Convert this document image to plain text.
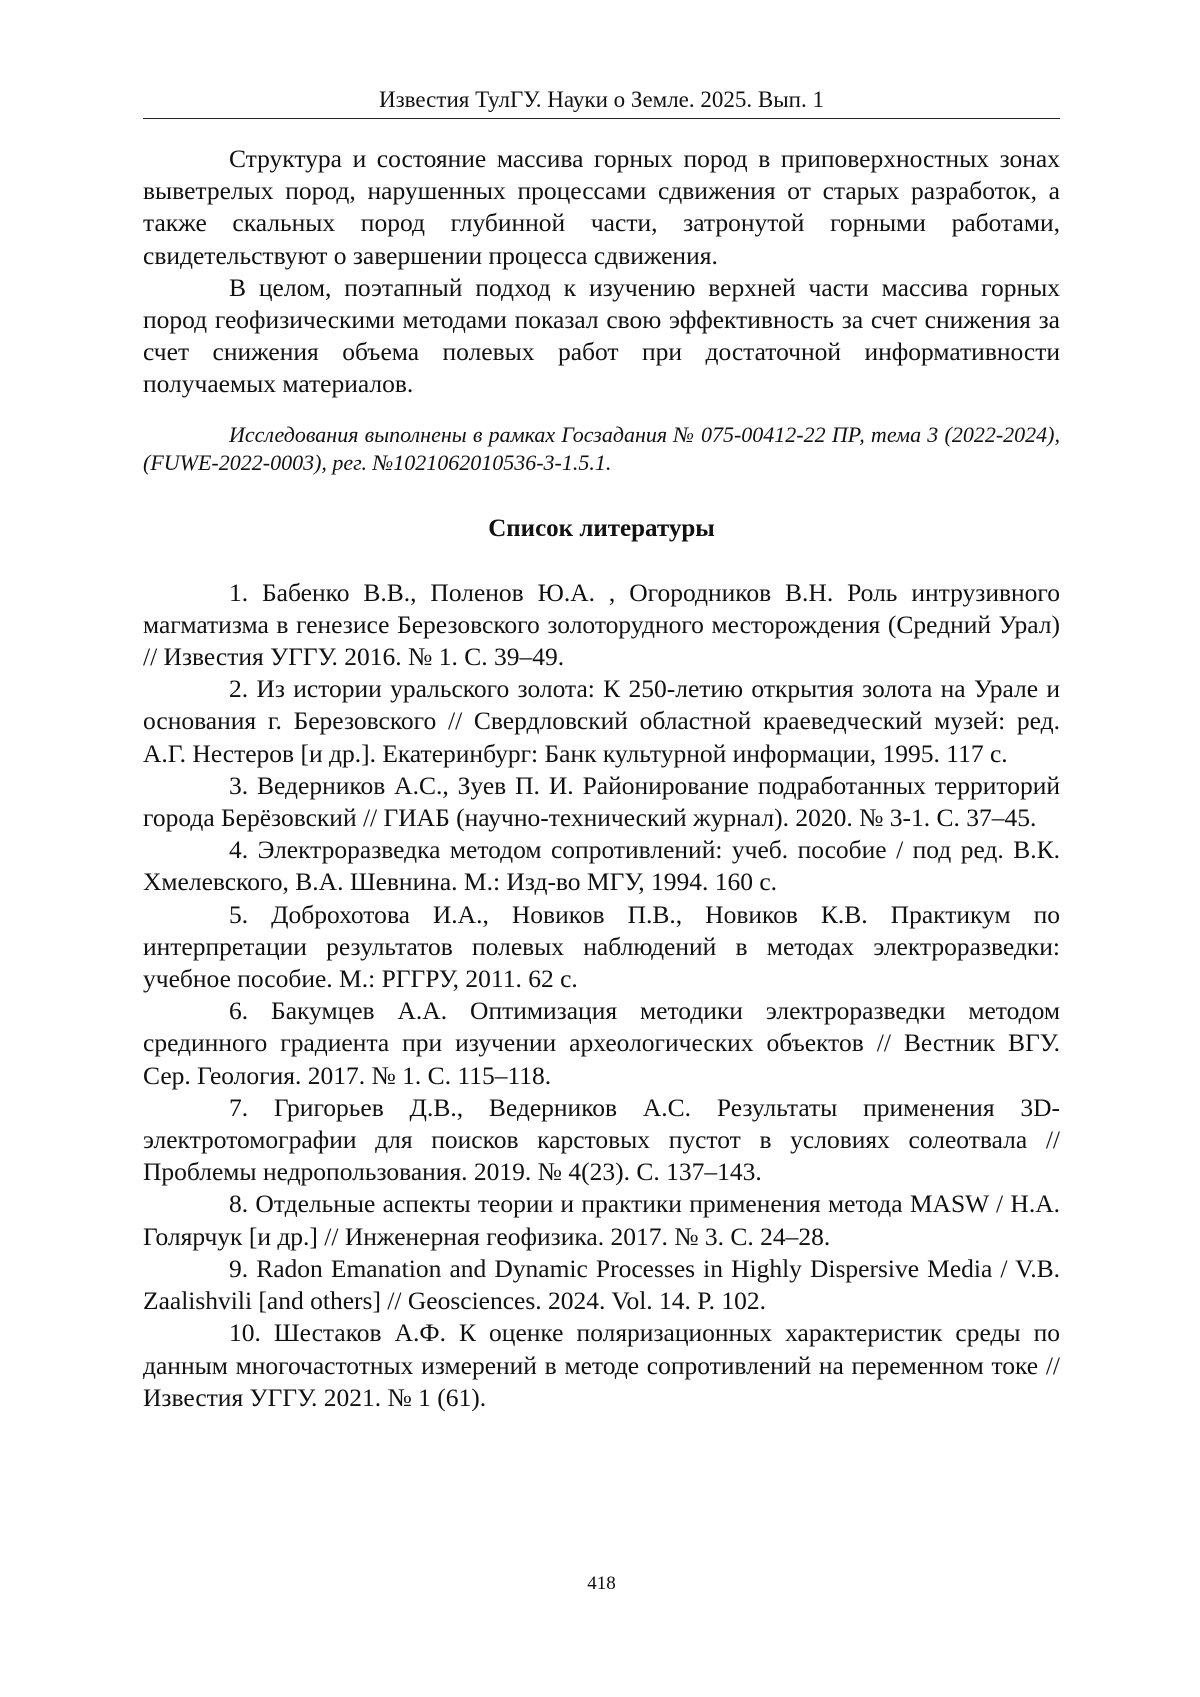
Известия ТулГУ. Науки о Земле. 2025. Вып. 1

Структура и состояние массива горных пород в приповерхностных зонах выветрелых пород, нарушенных процессами сдвижения от старых разработок, а также скальных пород глубинной части, затронутой горными работами, свидетельствуют о завершении процесса сдвижения.

В целом, поэтапный подход к изучению верхней части массива горных пород геофизическими методами показал свою эффективность за счет снижения за счет снижения объема полевых работ при достаточной информативности получаемых материалов.

Исследования выполнены в рамках Госзадания № 075-00412-22 ПР, тема 3 (2022-2024), (FUWE-2022-0003), рег. №1021062010536-3-1.5.1.

Список литературы

1. Бабенко В.В., Поленов Ю.А. , Огородников В.Н. Роль интрузивного магматизма в генезисе Березовского золоторудного месторождения (Средний Урал) // Известия УГГУ. 2016. № 1. С. 39–49.

2. Из истории уральского золота: К 250-летию открытия золота на Урале и основания г. Березовского // Свердловский областной краеведческий музей: ред. А.Г. Нестеров [и др.]. Екатеринбург: Банк культурной информации, 1995. 117 с.

3. Ведерников А.С., Зуев П. И. Районирование подработанных территорий города Берёзовский // ГИАБ (научно-технический журнал). 2020. № 3-1. С. 37–45.

4. Электроразведка методом сопротивлений: учеб. пособие / под ред. В.К. Хмелевского, В.А. Шевнина. М.: Изд-во МГУ, 1994. 160 с.

5. Доброхотова И.А., Новиков П.В., Новиков К.В. Практикум по интерпретации результатов полевых наблюдений в методах электроразведки: учебное пособие. М.: РГГРУ, 2011. 62 с.

6. Бакумцев А.А. Оптимизация методики электроразведки методом срединного градиента при изучении археологических объектов // Вестник ВГУ. Сер. Геология. 2017. № 1. С. 115–118.

7. Григорьев Д.В., Ведерников А.С. Результаты применения 3D-электротомографии для поисков карстовых пустот в условиях солеотвала // Проблемы недропользования. 2019. № 4(23). С. 137–143.

8. Отдельные аспекты теории и практики применения метода MASW / Н.А. Голярчук [и др.] // Инженерная геофизика. 2017. № 3. С. 24–28.

9. Radon Emanation and Dynamic Processes in Highly Dispersive Media / V.B. Zaalishvili [and others] // Geosciences. 2024. Vol. 14. P. 102.

10. Шестаков А.Ф. К оценке поляризационных характеристик среды по данным многочастотных измерений в методе сопротивлений на переменном токе // Известия УГГУ. 2021. № 1 (61).

418
